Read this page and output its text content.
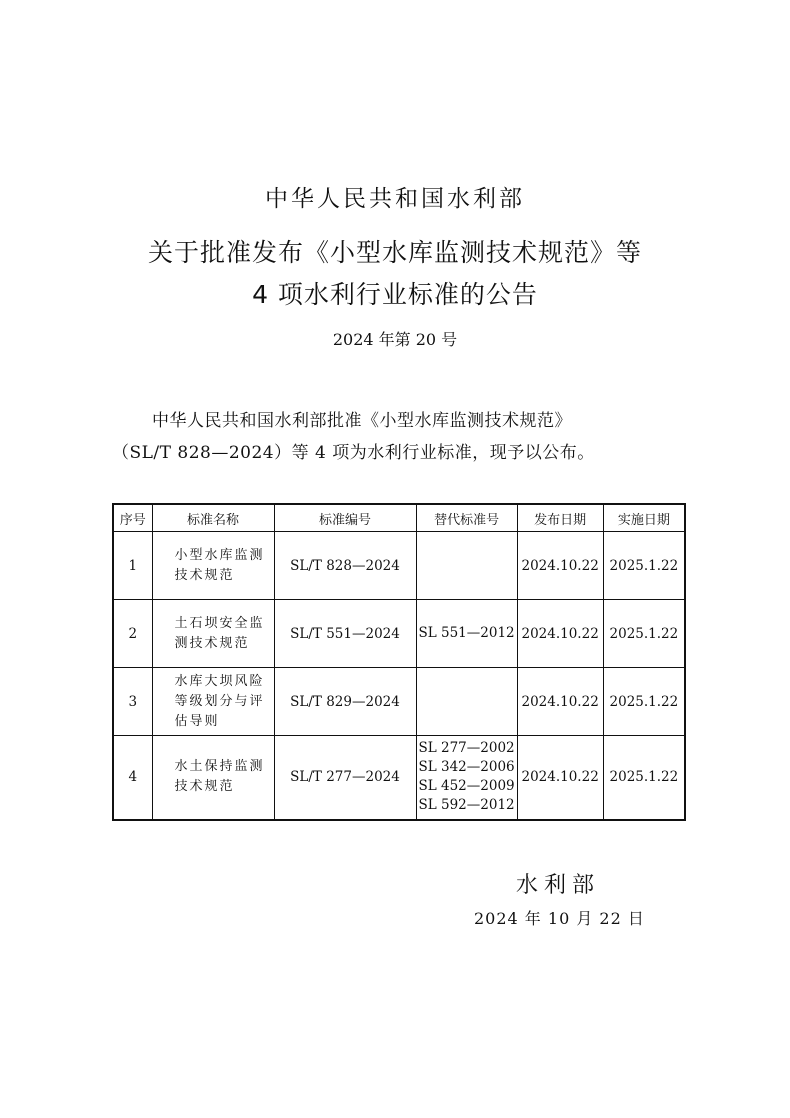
中华人民共和国水利部
关于批准发布《小型水库监测技术规范》等
4 项水利行业标准的公告
2024 年第 20 号
中华人民共和国水利部批准《小型水库监测技术规范》
（SL/T 828—2024）等 4 项为水利行业标准，现予以公布。
序号	标准名称	标准编号	替代标准号	发布日期	实施日期
1	小型水库监测技术规范	SL/T 828—2024		2024.10.22	2025.1.22
2	土石坝安全监测技术规范	SL/T 551—2024	SL 551—2012	2024.10.22	2025.1.22
3	水库大坝风险等级划分与评估导则	SL/T 829—2024		2024.10.22	2025.1.22
4	水土保持监测技术规范	SL/T 277—2024	SL 277—2002
SL 342—2006
SL 452—2009
SL 592—2012	2024.10.22	2025.1.22
水利部
2024 年 10 月 22 日
